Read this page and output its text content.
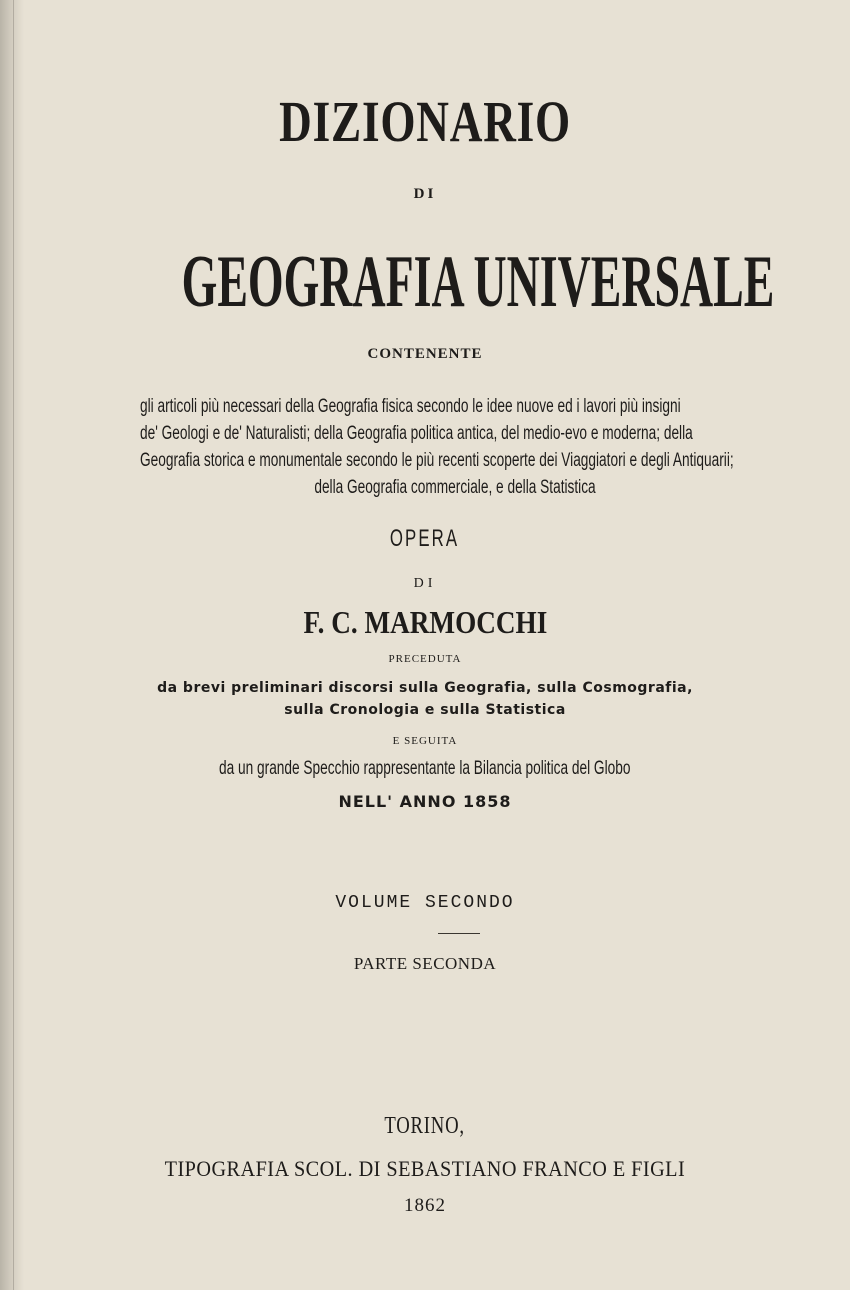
DIZIONARIO
DI
GEOGRAFIA UNIVERSALE
CONTENENTE
gli articoli più necessari della Geografia fisica secondo le idee nuove ed i lavori più insigni
de' Geologi e de' Naturalisti; della Geografia politica antica, del medio-evo e moderna; della
Geografia storica e monumentale secondo le più recenti scoperte dei Viaggiatori e degli Antiquarii;
della Geografia commerciale, e della Statistica
OPERA
DI
F. C. MARMOCCHI
PRECEDUTA
da brevi preliminari discorsi sulla Geografia, sulla Cosmografia,
sulla Cronologia e sulla Statistica
E SEGUITA
da un grande Specchio rappresentante la Bilancia politica del Globo
NELL' ANNO 1858
VOLUME SECONDO
PARTE SECONDA
TORINO,
TIPOGRAFIA SCOL. DI SEBASTIANO FRANCO E FIGLI
1862
